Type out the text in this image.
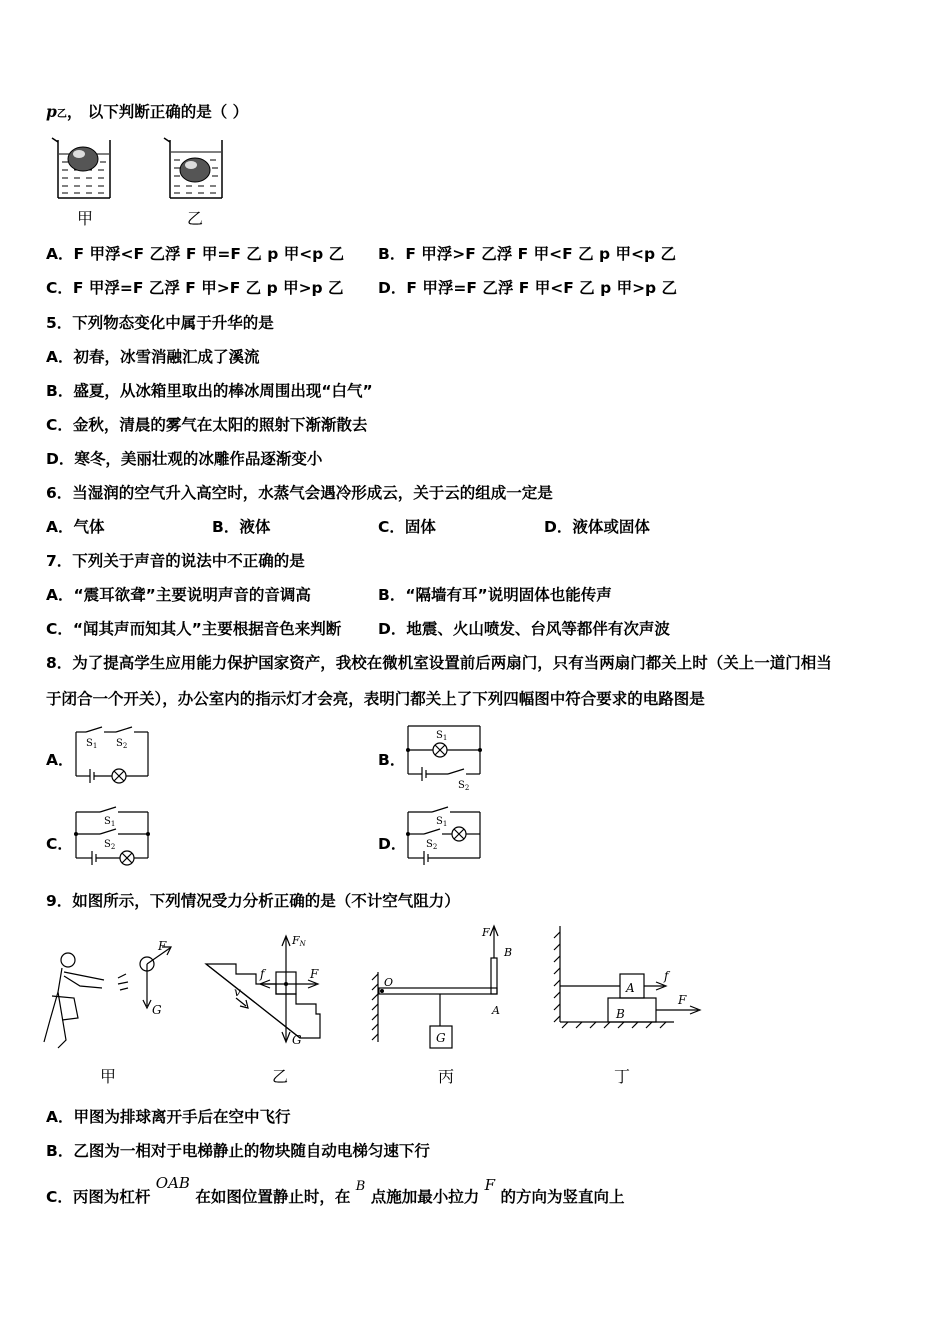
p乙， 以下判断正确的是（ ）
甲	乙
A．F 甲浮<F 乙浮 F 甲=F 乙 p 甲<p 乙 B．F 甲浮>F 乙浮 F 甲<F 乙 p 甲<p 乙
C．F 甲浮=F 乙浮 F 甲>F 乙 p 甲>p 乙 D．F 甲浮=F 乙浮 F 甲<F 乙 p 甲>p 乙
5．下列物态变化中属于升华的是
A．初春，冰雪消融汇成了溪流
B．盛夏，从冰箱里取出的棒冰周围出现“白气”
C．金秋，清晨的雾气在太阳的照射下渐渐散去
D．寒冬，美丽壮观的冰雕作品逐渐变小
6．当湿润的空气升入高空时，水蒸气会遇冷形成云，关于云的组成一定是
A．气体	B．液体	C．固体	D．液体或固体
7．下列关于声音的说法中不正确的是
A．“震耳欲聋”主要说明声音的音调高	B．“隔墙有耳”说明固体也能传声
C．“闻其声而知其人”主要根据音色来判断 D．地震、火山喷发、台风等都伴有次声波
8．为了提高学生应用能力保护国家资产，我校在微机室设置前后两扇门，只有当两扇门都关上时（关上一道门相当
于闭合一个开关），办公室内的指示灯才会亮，表明门都关上了下列四幅图中符合要求的电路图是
A．
$S_1$ $S_2$
B．
$S_1$
$S_2$
C．
$S_1$
$S_2$	D．
$S_1$
$S_2$
9．如图所示，下列情况受力分析正确的是（不计空气阻力）
F
G
甲
FN
f	F
v
G
乙
O
F
B
A
G
丙
A
B
f
F
丁
A．甲图为排球离开手后在空中飞行
B．乙图为一相对于电梯静止的物块随自动电梯匀速下行
C．丙图为杠杆 OAB 在如图位置静止时，在 $^B$ 点施加最小拉力 F 的方向为竖直向上
